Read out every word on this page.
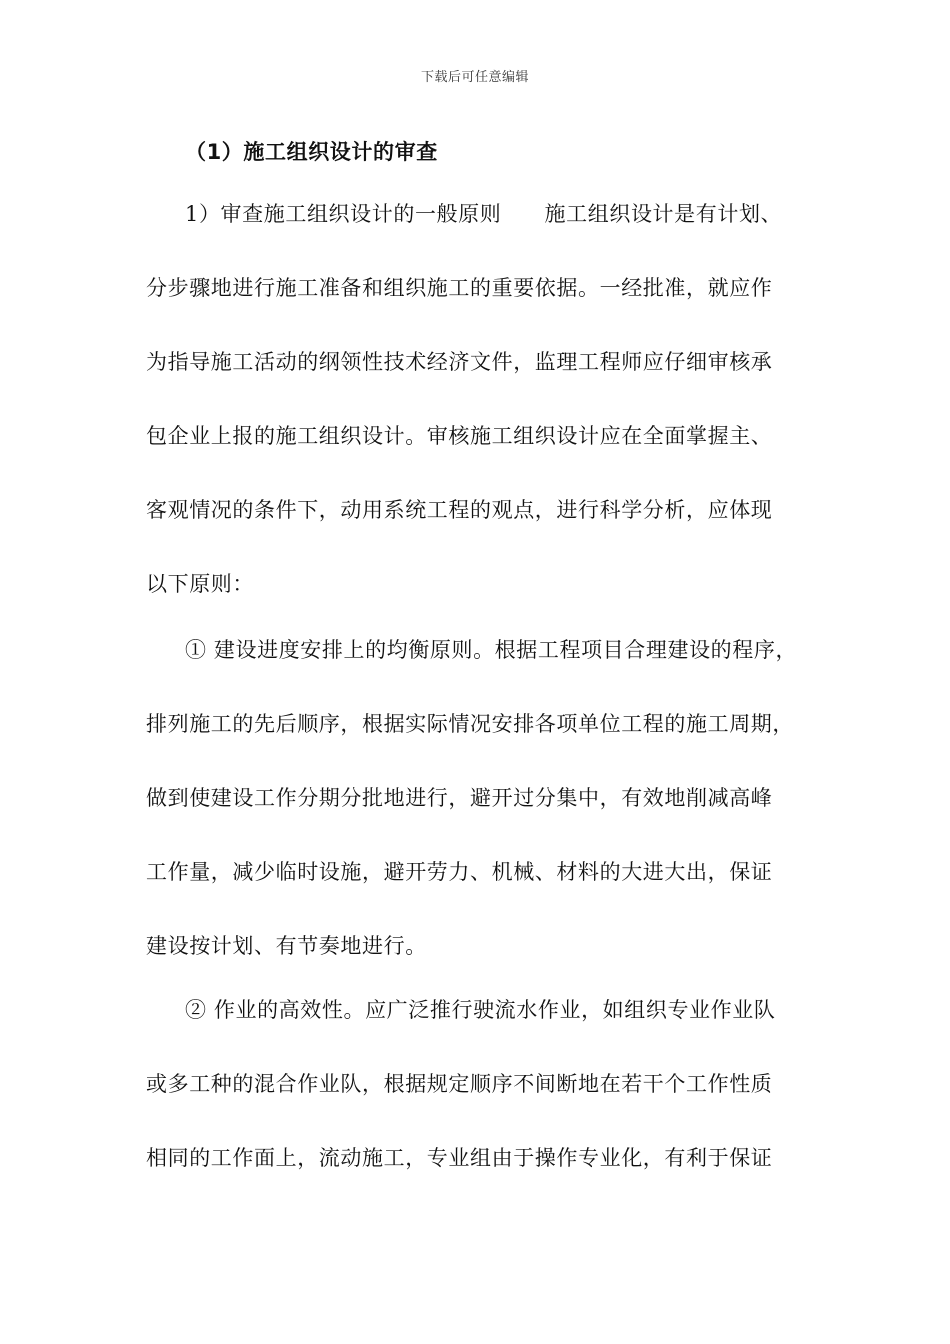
下载后可任意编辑
（1）施工组织设计的审查
1）审查施工组织设计的一般原则　　施工组织设计是有计划、
分步骤地进行施工准备和组织施工的重要依据。一经批准，就应作
为指导施工活动的纲领性技术经济文件，监理工程师应仔细审核承
包企业上报的施工组织设计。审核施工组织设计应在全面掌握主、
客观情况的条件下，动用系统工程的观点，进行科学分析，应体现
以下原则：
① 建设进度安排上的均衡原则。根据工程项目合理建设的程序，
排列施工的先后顺序，根据实际情况安排各项单位工程的施工周期，
做到使建设工作分期分批地进行，避开过分集中，有效地削减高峰
工作量，减少临时设施，避开劳力、机械、材料的大进大出，保证
建设按计划、有节奏地进行。
② 作业的高效性。应广泛推行驶流水作业，如组织专业作业队
或多工种的混合作业队，根据规定顺序不间断地在若干个工作性质
相同的工作面上，流动施工，专业组由于操作专业化，有利于保证
